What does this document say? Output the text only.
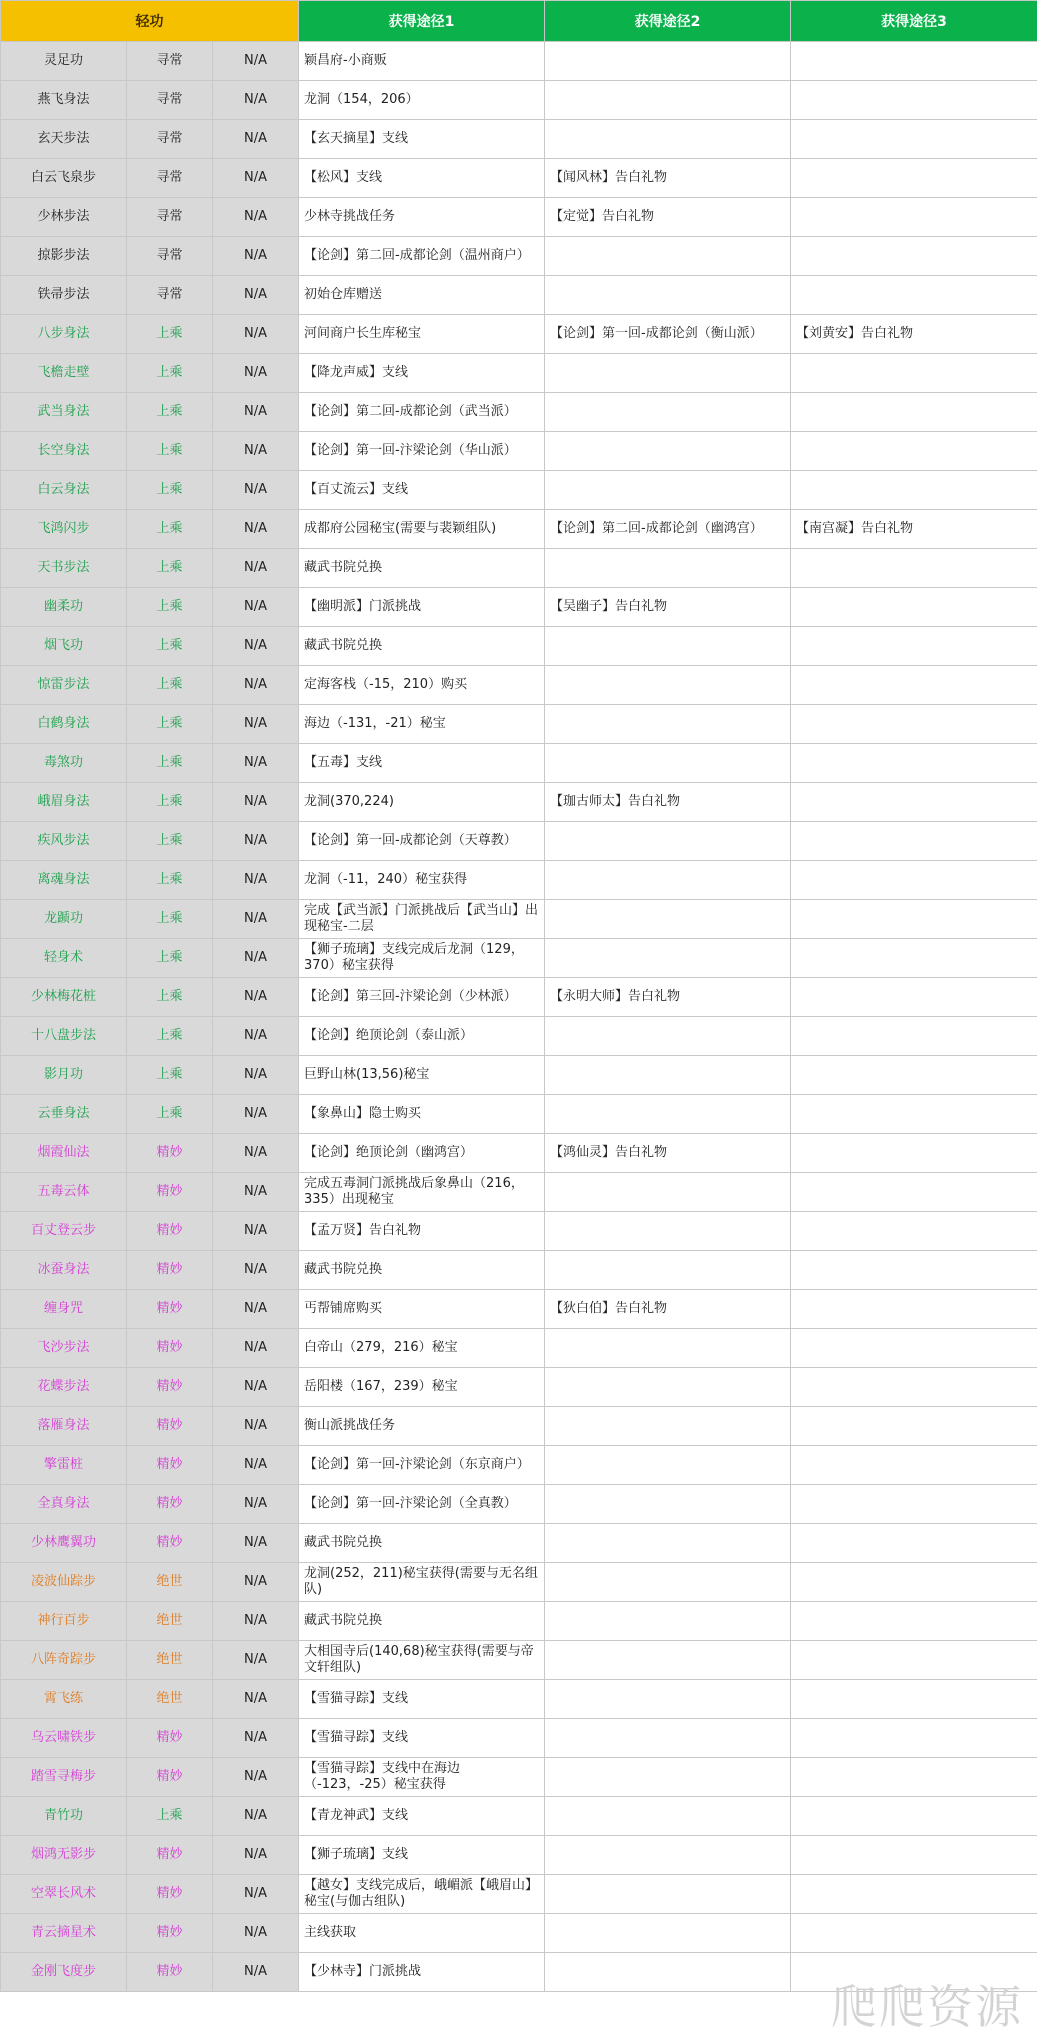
轻功			获得途径1	获得途径2	获得途径3
灵足功	寻常	N/A	颖昌府-小商贩		
燕飞身法	寻常	N/A	龙洞（154，206）		
玄天步法	寻常	N/A	【玄天摘星】支线		
白云飞泉步	寻常	N/A	【松风】支线	【闻风林】告白礼物	
少林步法	寻常	N/A	少林寺挑战任务	【定觉】告白礼物	
掠影步法	寻常	N/A	【论剑】第二回-成都论剑（温州商户）		
铁帚步法	寻常	N/A	初始仓库赠送		
八步身法	上乘	N/A	河间商户长生库秘宝	【论剑】第一回-成都论剑（衡山派）	【刘黄安】告白礼物
飞檐走壁	上乘	N/A	【降龙声威】支线		
武当身法	上乘	N/A	【论剑】第二回-成都论剑（武当派）		
长空身法	上乘	N/A	【论剑】第一回-汴梁论剑（华山派）		
白云身法	上乘	N/A	【百丈流云】支线		
飞鸿闪步	上乘	N/A	成都府公园秘宝(需要与裴颖组队)	【论剑】第二回-成都论剑（幽鸿宫）	【南宫凝】告白礼物
天书步法	上乘	N/A	藏武书院兑换		
幽柔功	上乘	N/A	【幽明派】门派挑战	【吴幽子】告白礼物	
烟飞功	上乘	N/A	藏武书院兑换		
惊雷步法	上乘	N/A	定海客栈（-15，210）购买		
白鹤身法	上乘	N/A	海边（-131，-21）秘宝		
毒煞功	上乘	N/A	【五毒】支线		
峨眉身法	上乘	N/A	龙洞(370,224)	【珈古师太】告白礼物	
疾风步法	上乘	N/A	【论剑】第一回-成都论剑（天尊教）		
离魂身法	上乘	N/A	龙洞（-11，240）秘宝获得		
龙踬功	上乘	N/A	完成【武当派】门派挑战后【武当山】出现秘宝-二层		
轻身术	上乘	N/A	【狮子琉璃】支线完成后龙洞（129，370）秘宝获得		
少林梅花桩	上乘	N/A	【论剑】第三回-汴梁论剑（少林派）	【永明大师】告白礼物	
十八盘步法	上乘	N/A	【论剑】绝顶论剑（泰山派）		
影月功	上乘	N/A	巨野山林(13,56)秘宝		
云垂身法	上乘	N/A	【象鼻山】隐士购买		
烟霞仙法	精妙	N/A	【论剑】绝顶论剑（幽鸿宫）	【鸿仙灵】告白礼物	
五毒云体	精妙	N/A	完成五毒洞门派挑战后象鼻山（216，335）出现秘宝		
百丈登云步	精妙	N/A	【孟万贤】告白礼物		
冰蚕身法	精妙	N/A	藏武书院兑换		
缠身咒	精妙	N/A	丐帮铺席购买	【狄白伯】告白礼物	
飞沙步法	精妙	N/A	白帝山（279，216）秘宝		
花蝶步法	精妙	N/A	岳阳楼（167，239）秘宝		
落雁身法	精妙	N/A	衡山派挑战任务		
擎雷桩	精妙	N/A	【论剑】第一回-汴梁论剑（东京商户）		
全真身法	精妙	N/A	【论剑】第一回-汴梁论剑（全真教）		
少林鹰翼功	精妙	N/A	藏武书院兑换		
凌波仙踪步	绝世	N/A	龙洞(252，211)秘宝获得(需要与无名组队)		
神行百步	绝世	N/A	藏武书院兑换		
八阵奇踪步	绝世	N/A	大相国寺后(140,68)秘宝获得(需要与帝文轩组队)		
霄飞练	绝世	N/A	【雪猫寻踪】支线		
乌云啸铁步	精妙	N/A	【雪猫寻踪】支线		
踏雪寻梅步	精妙	N/A	【雪猫寻踪】支线中在海边（-123，-25）秘宝获得		
青竹功	上乘	N/A	【青龙神武】支线		
烟鸿无影步	精妙	N/A	【狮子琉璃】支线		
空翠长风术	精妙	N/A	【越女】支线完成后，峨嵋派【峨眉山】秘宝(与伽古组队)		
青云摘星术	精妙	N/A	主线获取		
金刚飞度步	精妙	N/A	【少林寺】门派挑战		
爬爬资源
